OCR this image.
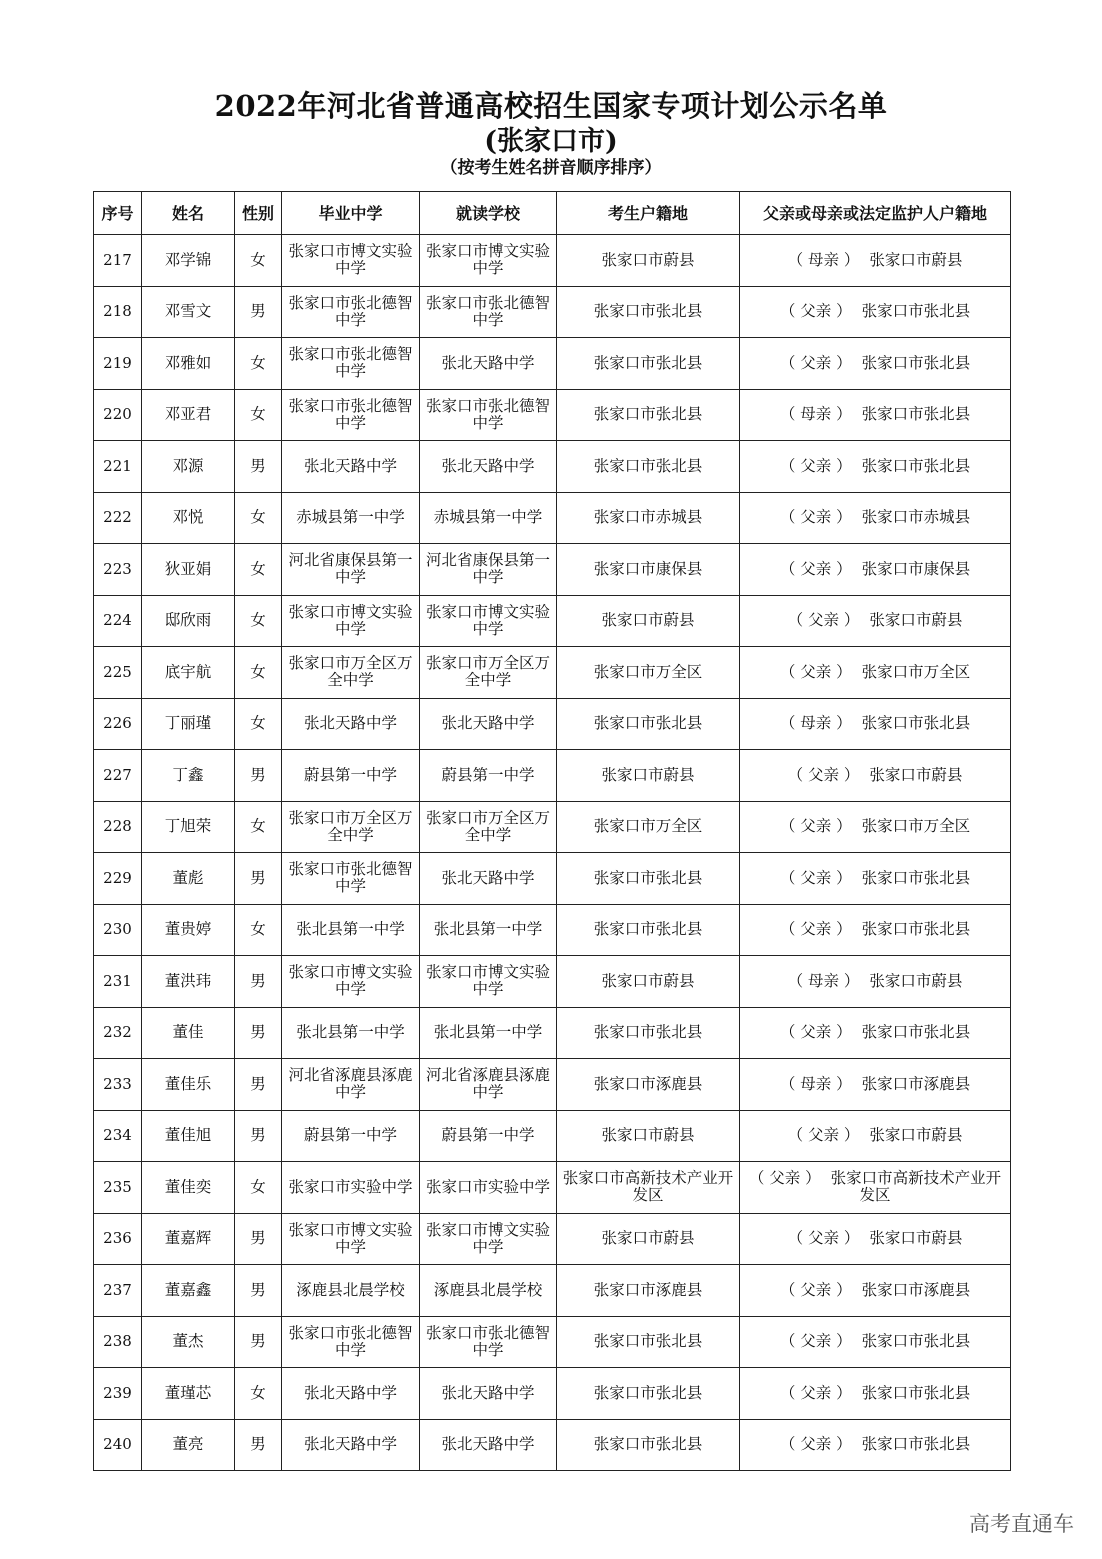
2022年河北省普通高校招生国家专项计划公示名单
(张家口市)
（按考生姓名拼音顺序排序）
序号	姓名	性别	毕业中学	就读学校	考生户籍地	父亲或母亲或法定监护人户籍地
217	邓学锦	女	张家口市博文实验中学	张家口市博文实验中学	张家口市蔚县	（ 母亲 ） 张家口市蔚县
218	邓雪文	男	张家口市张北德智中学	张家口市张北德智中学	张家口市张北县	（ 父亲 ） 张家口市张北县
219	邓雅如	女	张家口市张北德智中学	张北天路中学	张家口市张北县	（ 父亲 ） 张家口市张北县
220	邓亚君	女	张家口市张北德智中学	张家口市张北德智中学	张家口市张北县	（ 母亲 ） 张家口市张北县
221	邓源	男	张北天路中学	张北天路中学	张家口市张北县	（ 父亲 ） 张家口市张北县
222	邓悦	女	赤城县第一中学	赤城县第一中学	张家口市赤城县	（ 父亲 ） 张家口市赤城县
223	狄亚娟	女	河北省康保县第一中学	河北省康保县第一中学	张家口市康保县	（ 父亲 ） 张家口市康保县
224	邸欣雨	女	张家口市博文实验中学	张家口市博文实验中学	张家口市蔚县	（ 父亲 ） 张家口市蔚县
225	底宇航	女	张家口市万全区万全中学	张家口市万全区万全中学	张家口市万全区	（ 父亲 ） 张家口市万全区
226	丁丽瑾	女	张北天路中学	张北天路中学	张家口市张北县	（ 母亲 ） 张家口市张北县
227	丁鑫	男	蔚县第一中学	蔚县第一中学	张家口市蔚县	（ 父亲 ） 张家口市蔚县
228	丁旭荣	女	张家口市万全区万全中学	张家口市万全区万全中学	张家口市万全区	（ 父亲 ） 张家口市万全区
229	董彪	男	张家口市张北德智中学	张北天路中学	张家口市张北县	（ 父亲 ） 张家口市张北县
230	董贵婷	女	张北县第一中学	张北县第一中学	张家口市张北县	（ 父亲 ） 张家口市张北县
231	董洪玮	男	张家口市博文实验中学	张家口市博文实验中学	张家口市蔚县	（ 母亲 ） 张家口市蔚县
232	董佳	男	张北县第一中学	张北县第一中学	张家口市张北县	（ 父亲 ） 张家口市张北县
233	董佳乐	男	河北省涿鹿县涿鹿中学	河北省涿鹿县涿鹿中学	张家口市涿鹿县	（ 母亲 ） 张家口市涿鹿县
234	董佳旭	男	蔚县第一中学	蔚县第一中学	张家口市蔚县	（ 父亲 ） 张家口市蔚县
235	董佳奕	女	张家口市实验中学	张家口市实验中学	张家口市高新技术产业开发区	（ 父亲 ） 张家口市高新技术产业开发区
236	董嘉辉	男	张家口市博文实验中学	张家口市博文实验中学	张家口市蔚县	（ 父亲 ） 张家口市蔚县
237	董嘉鑫	男	涿鹿县北晨学校	涿鹿县北晨学校	张家口市涿鹿县	（ 父亲 ） 张家口市涿鹿县
238	董杰	男	张家口市张北德智中学	张家口市张北德智中学	张家口市张北县	（ 父亲 ） 张家口市张北县
239	董瑾芯	女	张北天路中学	张北天路中学	张家口市张北县	（ 父亲 ） 张家口市张北县
240	董亮	男	张北天路中学	张北天路中学	张家口市张北县	（ 父亲 ） 张家口市张北县
高考直通车
